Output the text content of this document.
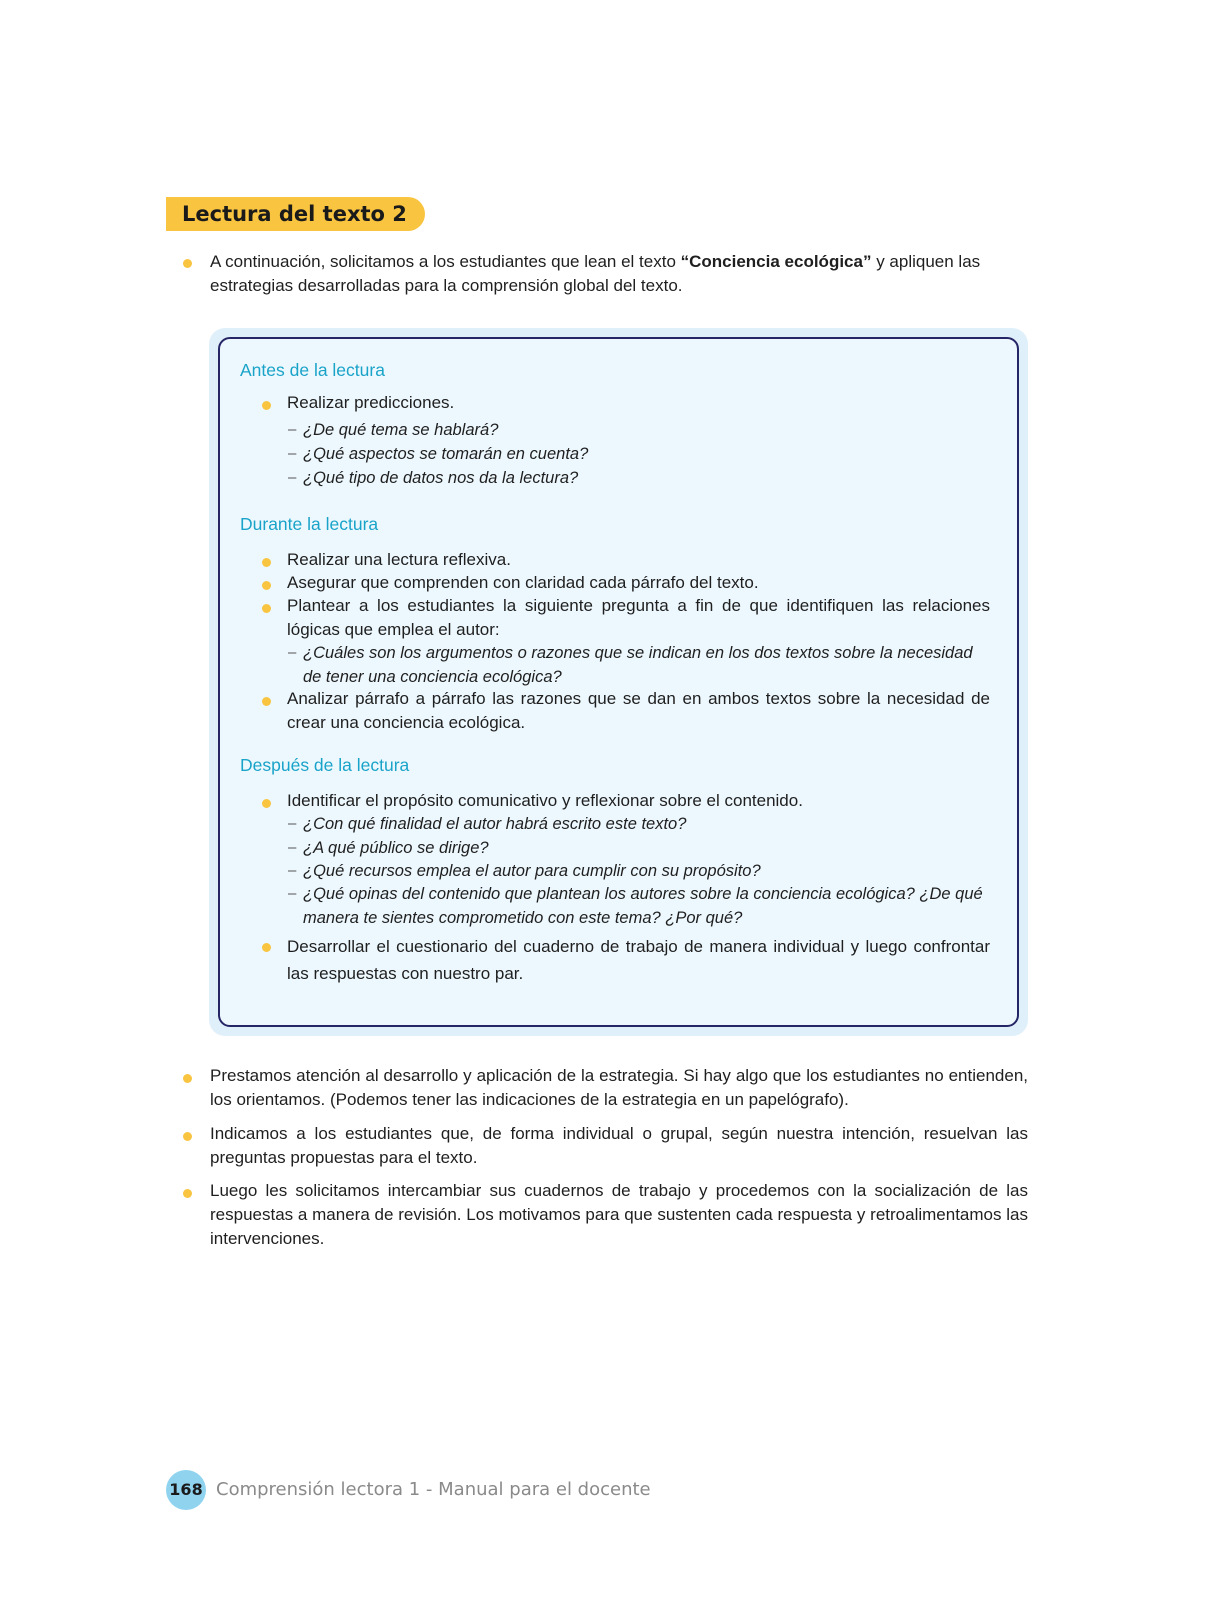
Lectura del texto 2
A continuación, solicitamos a los estudiantes que lean el texto “Conciencia ecológica” y apliquen las estrategias desarrolladas para la comprensión global del texto.
Antes de la lectura
Realizar predicciones.
– ¿De qué tema se hablará?
– ¿Qué aspectos se tomarán en cuenta?
– ¿Qué tipo de datos nos da la lectura?
Durante la lectura
Realizar una lectura reflexiva.
Asegurar que comprenden con claridad cada párrafo del texto.
Plantear a los estudiantes la siguiente pregunta a fin de que identifiquen las relaciones lógicas que emplea el autor:
– ¿Cuáles son los argumentos o razones que se indican en los dos textos sobre la necesidad de tener una conciencia ecológica?
Analizar párrafo a párrafo las razones que se dan en ambos textos sobre la necesidad de crear una conciencia ecológica.
Después de la lectura
Identificar el propósito comunicativo y reflexionar sobre el contenido.
– ¿Con qué finalidad el autor habrá escrito este texto?
– ¿A qué público se dirige?
– ¿Qué recursos emplea el autor para cumplir con su propósito?
– ¿Qué opinas del contenido que plantean los autores sobre la conciencia ecológica? ¿De qué manera te sientes comprometido con este tema? ¿Por qué?
Desarrollar el cuestionario del cuaderno de trabajo de manera individual y luego confrontar las respuestas con nuestro par.
Prestamos atención al desarrollo y aplicación de la estrategia. Si hay algo que los estudiantes no entienden, los orientamos. (Podemos tener las indicaciones de la estrategia en un papelógrafo).
Indicamos a los estudiantes que, de forma individual o grupal, según nuestra intención, resuelvan las preguntas propuestas para el texto.
Luego les solicitamos intercambiar sus cuadernos de trabajo y procedemos con la socialización de las respuestas a manera de revisión. Los motivamos para que sustenten cada respuesta y retroalimentamos las intervenciones.
168 Comprensión lectora 1 - Manual para el docente
